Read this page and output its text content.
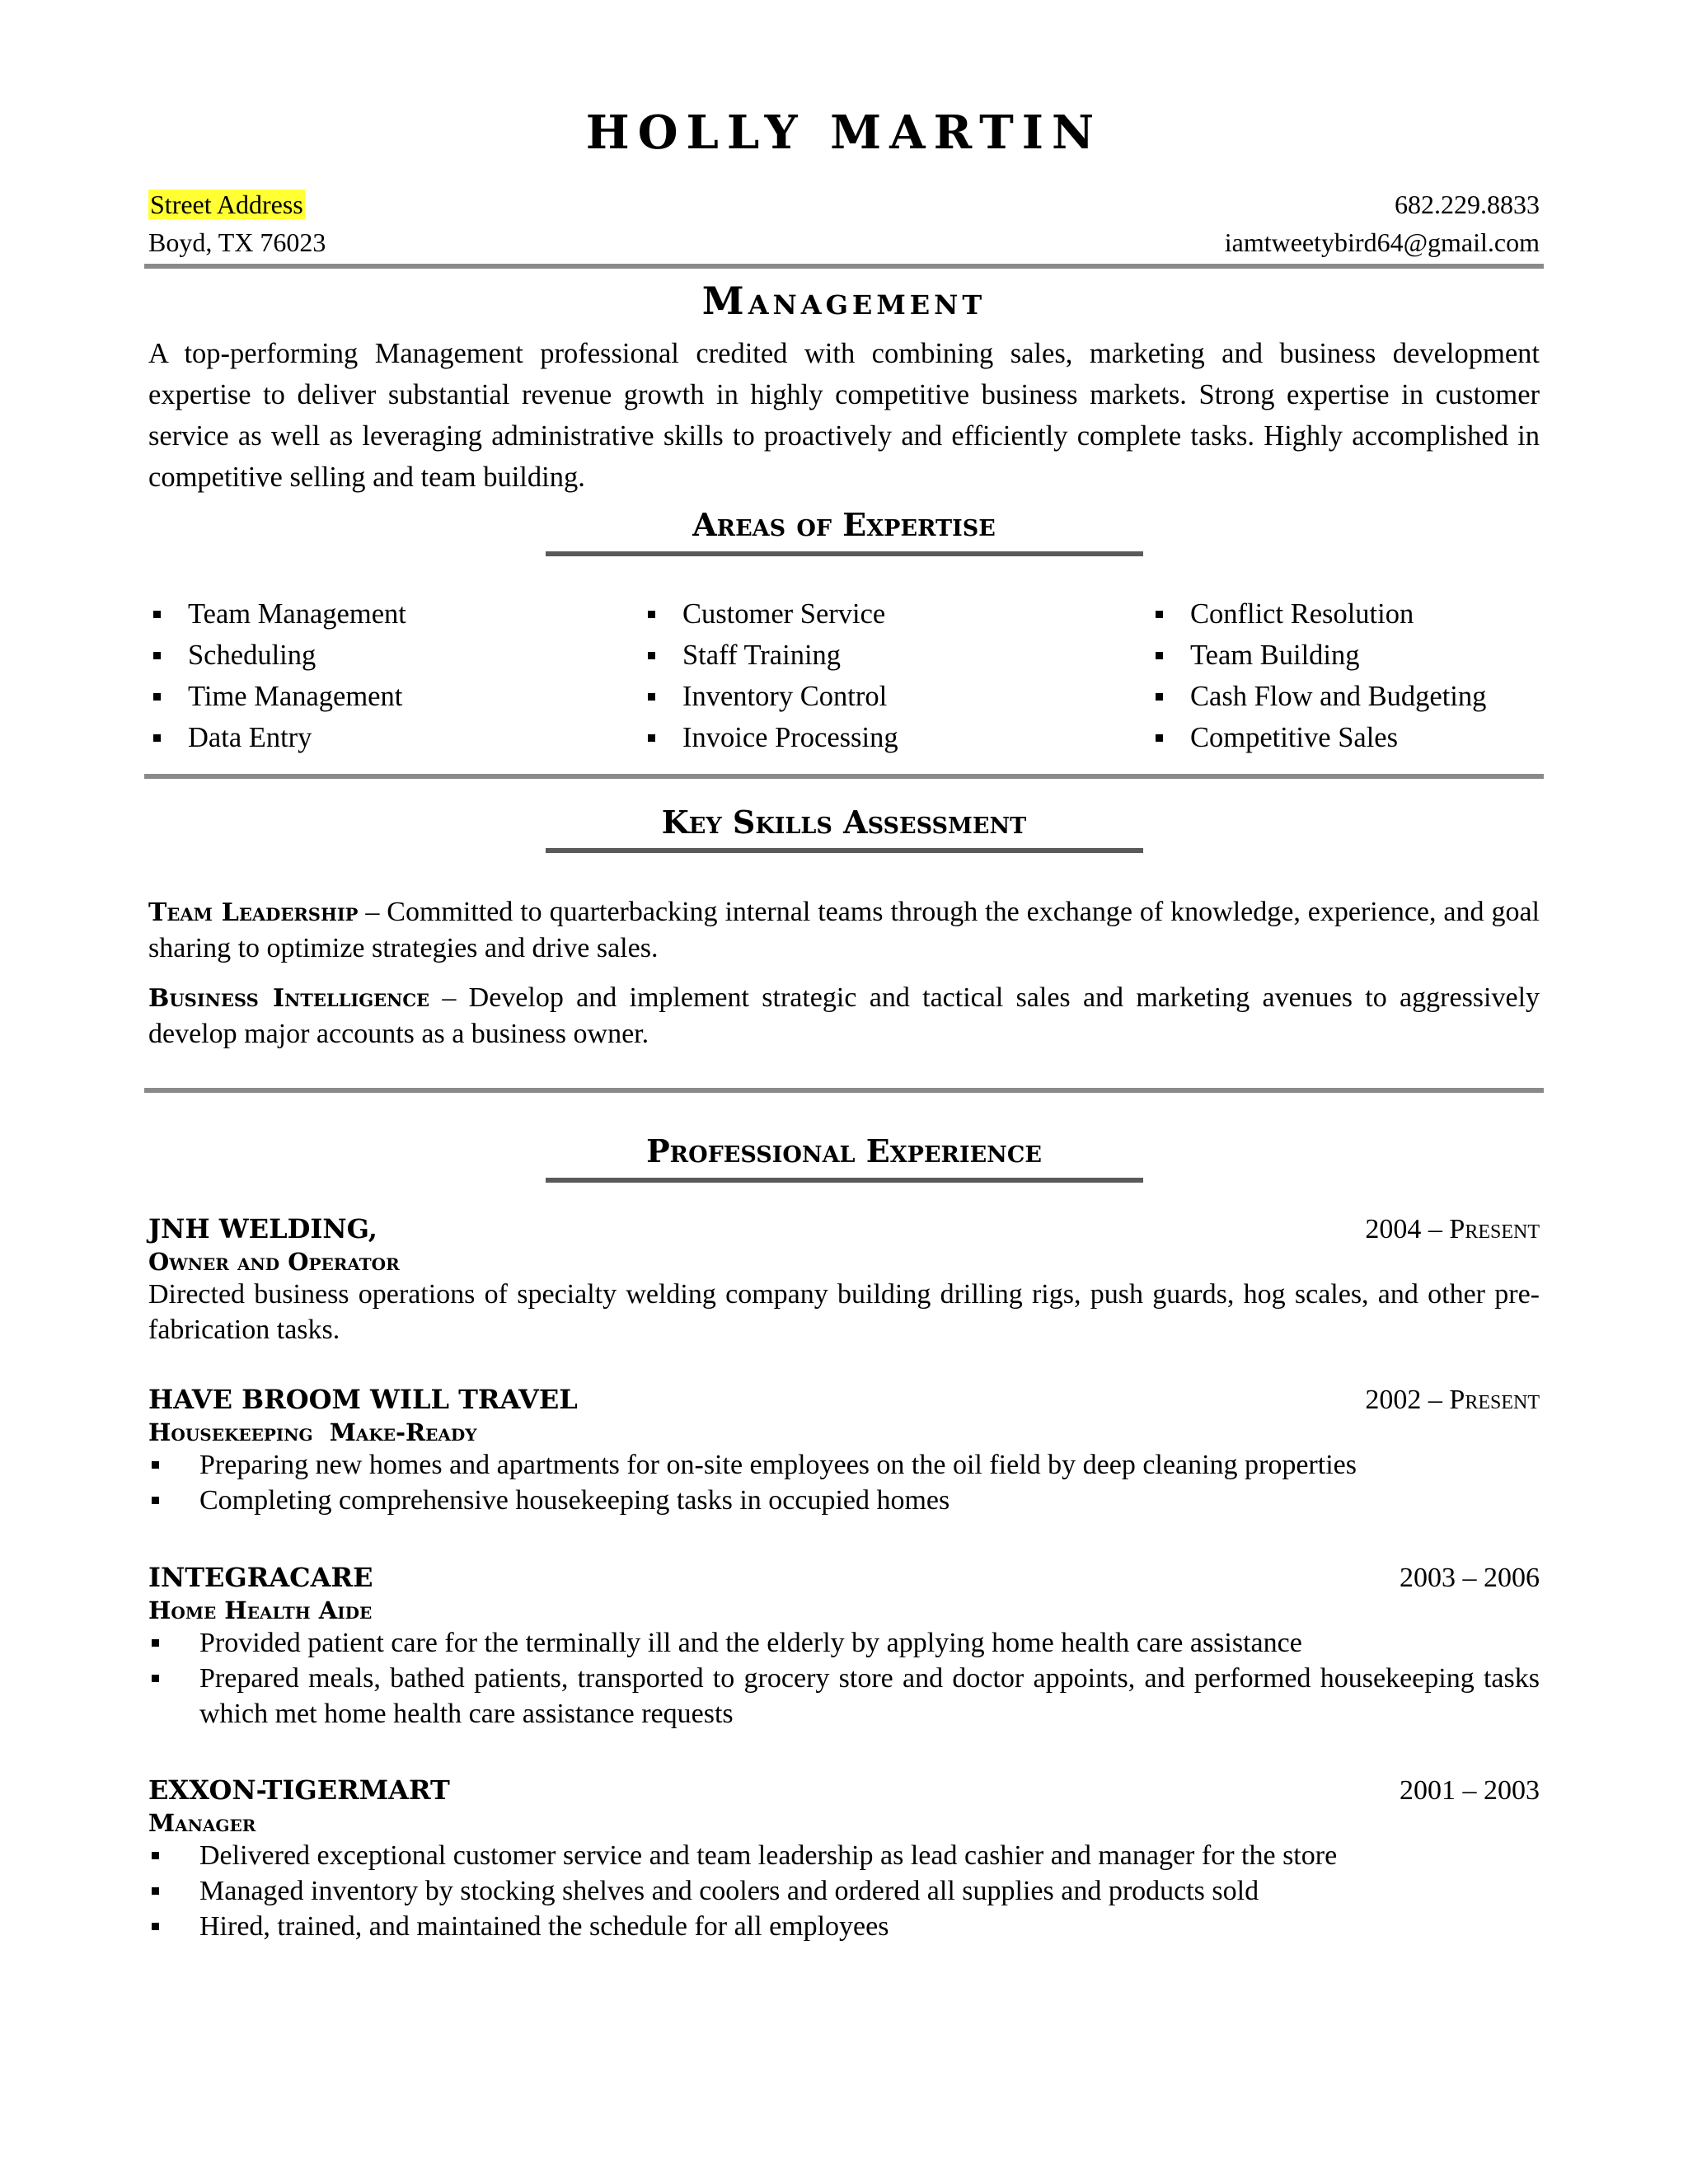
HOLLY MARTIN
Street Address	682.229.8833
Boyd, TX 76023	iamtweetybird64@gmail.com
Management
A top-performing Management professional credited with combining sales, marketing and business development expertise to deliver substantial revenue growth in highly competitive business markets. Strong expertise in customer service as well as leveraging administrative skills to proactively and efficiently complete tasks. Highly accomplished in competitive selling and team building.
Areas of Expertise
Team Management
Scheduling
Time Management
Data Entry
Customer Service
Staff Training
Inventory Control
Invoice Processing
Conflict Resolution
Team Building
Cash Flow and Budgeting
Competitive Sales
Key Skills Assessment
Team Leadership – Committed to quarterbacking internal teams through the exchange of knowledge, experience, and goal sharing to optimize strategies and drive sales.
Business Intelligence – Develop and implement strategic and tactical sales and marketing avenues to aggressively develop major accounts as a business owner.
Professional Experience
JNH WELDING,	2004 – Present
Owner and Operator
Directed business operations of specialty welding company building drilling rigs, push guards, hog scales, and other pre-fabrication tasks.
HAVE BROOM WILL TRAVEL	2002 – Present
Housekeeping  Make-Ready
Preparing new homes and apartments for on-site employees on the oil field by deep cleaning properties
Completing comprehensive housekeeping tasks in occupied homes
INTEGRACARE	2003 – 2006
Home Health Aide
Provided patient care for the terminally ill and the elderly by applying home health care assistance
Prepared meals, bathed patients, transported to grocery store and doctor appoints, and performed housekeeping tasks which met home health care assistance requests
EXXON-TIGERMART	2001 – 2003
Manager
Delivered exceptional customer service and team leadership as lead cashier and manager for the store
Managed inventory by stocking shelves and coolers and ordered all supplies and products sold
Hired, trained, and maintained the schedule for all employees
